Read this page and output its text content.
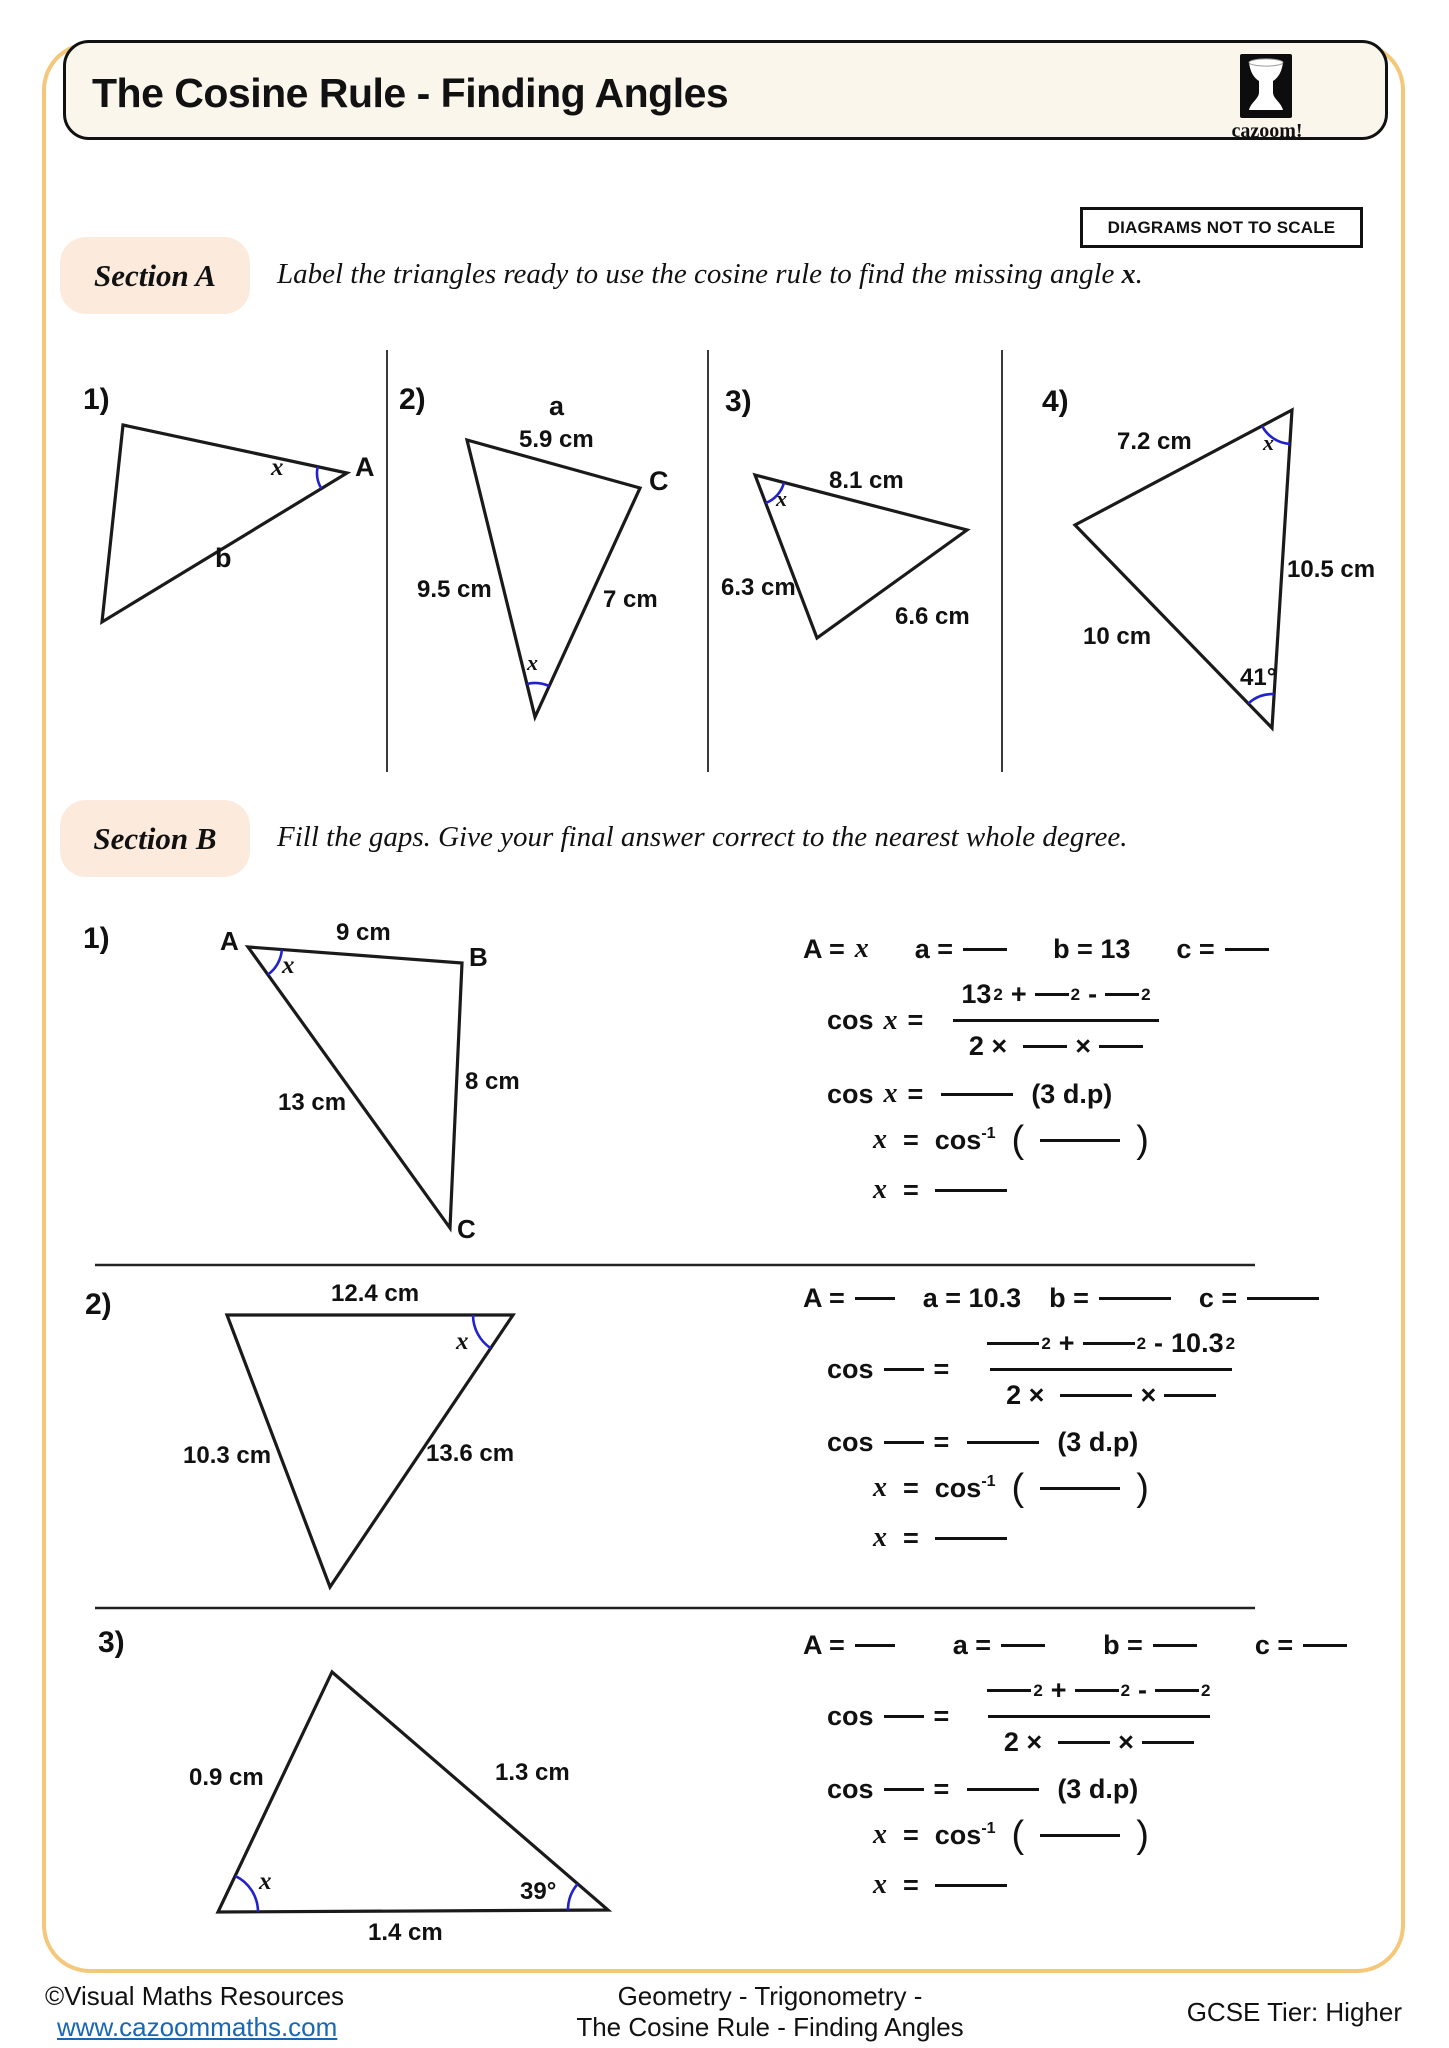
The Cosine Rule - Finding Angles
cazoom!
DIAGRAMS NOT TO SCALE
Section A	Label the triangles ready to use the cosine rule to find the missing angle x.
1)	2)	3)	4)
x	A
b
a
5.9 cm
C
9.5 cm	7 cm
x
8.1 cm
x
6.3 cm
6.6 cm
7.2 cm	x
10.5 cm
10 cm
41°
Section B	Fill the gaps. Give your final answer correct to the nearest whole degree.
1)	A	9 cm
B
x
8 cm
13 cm
C
A = x a =	b = 13 c =
cos x = 13 2 +	2 -	2
2 ×	×
cos x =	(3 d.p)
$x = \cos^{-1}$ (	)
x =
2)	12.4 cm
x
10.3 cm	13.6 cm
A =	a = 10.3 b =	c =
cos = 2 +	2 - 10.3 2
2 ×	×
cos =	(3 d.p)
$x = \cos^{-1}$ (	)
x =
3)
0.9 cm	1.3 cm
x	39°
1.4 cm
A =	a =	b =	c =
cos = 2 +	2 -	2
2 ×	×
cos =	(3 d.p)
$x = \cos^{-1}$ (	)
x =
©Visual Maths Resources
www.cazoommaths.com
Geometry - Trigonometry -
The Cosine Rule - Finding Angles	GCSE Tier: Higher
